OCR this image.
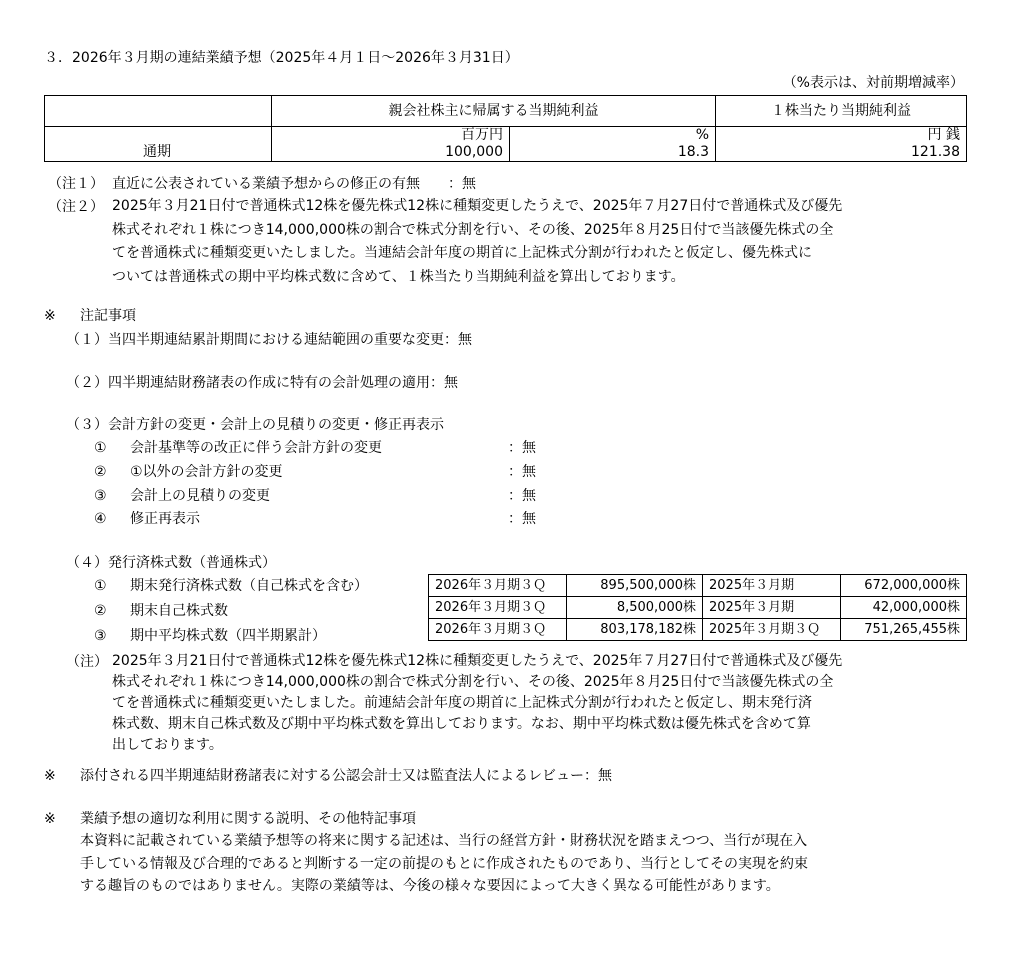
３．2026年３月期の連結業績予想（2025年４月１日～2026年３月31日）
（%表示は、対前期増減率）
	親会社株主に帰属する当期純利益		１株当たり当期純利益
	百万円	%	円 銭
通期	100,000	18.3	121.38
（注１） 直近に公表されている業績予想からの修正の有無　　：無
（注２） 2025年３月21日付で普通株式12株を優先株式12株に種類変更したうえで、2025年７月27日付で普通株式及び優先
株式それぞれ１株につき14,000,000株の割合で株式分割を行い、その後、2025年８月25日付で当該優先株式の全
てを普通株式に種類変更いたしました。当連結会計年度の期首に上記株式分割が行われたと仮定し、優先株式に
ついては普通株式の期中平均株式数に含めて、１株当たり当期純利益を算出しております。
※ 注記事項
（１）当四半期連結累計期間における連結範囲の重要な変更：無
（２）四半期連結財務諸表の作成に特有の会計処理の適用：無
（３）会計方針の変更・会計上の見積りの変更・修正再表示
① 会計基準等の改正に伴う会計方針の変更	：無
② ①以外の会計方針の変更	：無
③ 会計上の見積りの変更	：無
④ 修正再表示	：無
（４）発行済株式数（普通株式）
① 期末発行済株式数（自己株式を含む）
② 期末自己株式数
③ 期中平均株式数（四半期累計）
2026年３月期３Ｑ	895,500,000株	2025年３月期	672,000,000株
2026年３月期３Ｑ	8,500,000株	2025年３月期	42,000,000株
2026年３月期３Ｑ	803,178,182株	2025年３月期３Ｑ	751,265,455株
（注） 2025年３月21日付で普通株式12株を優先株式12株に種類変更したうえで、2025年７月27日付で普通株式及び優先
株式それぞれ１株につき14,000,000株の割合で株式分割を行い、その後、2025年８月25日付で当該優先株式の全
てを普通株式に種類変更いたしました。前連結会計年度の期首に上記株式分割が行われたと仮定し、期末発行済
株式数、期末自己株式数及び期中平均株式数を算出しております。なお、期中平均株式数は優先株式を含めて算
出しております。
※ 添付される四半期連結財務諸表に対する公認会計士又は監査法人によるレビュー：無
※ 業績予想の適切な利用に関する説明、その他特記事項
本資料に記載されている業績予想等の将来に関する記述は、当行の経営方針・財務状況を踏まえつつ、当行が現在入
手している情報及び合理的であると判断する一定の前提のもとに作成されたものであり、当行としてその実現を約束
する趣旨のものではありません。実際の業績等は、今後の様々な要因によって大きく異なる可能性があります。
